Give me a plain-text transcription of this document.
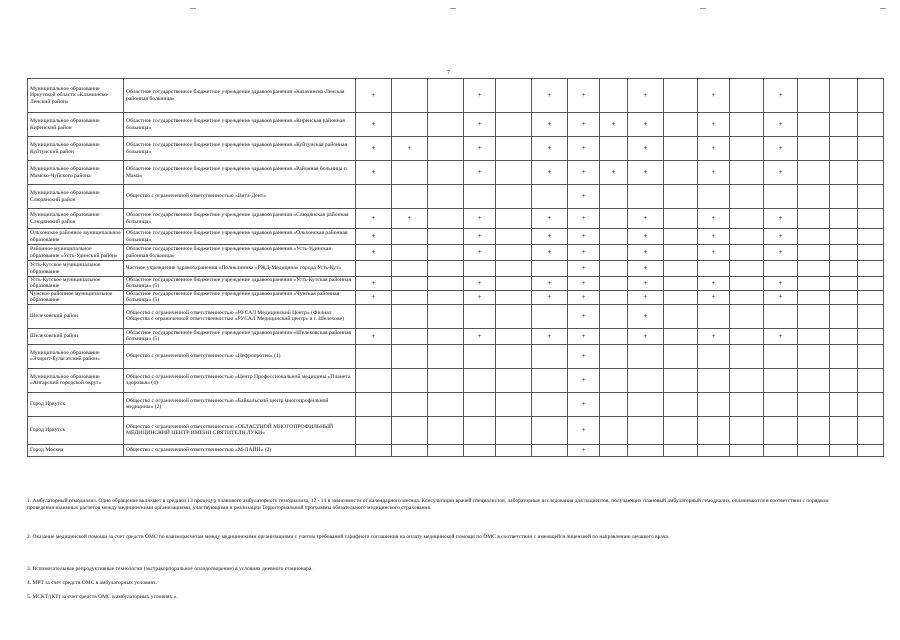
7
Муниципальное образование Иркутской области «Казачинско-Ленский район»	Областное государственное бюджетное учреждение здравоохранения «Казачинско-Ленская районная больница»	+			+		+	+		+		+		+			
Муниципальное образование Киренский район	Областное государственное бюджетное учреждение здравоохранения «Киренская районная больница»	+			+		+	+	+	+		+		+			
Муниципальное образование Куйтунский район	Областное государственное бюджетное учреждение здравоохранения «Куйтунская районная больница»	+	+		+		+	+		+		+		+			
Муниципальное образование Мамско-Чуйского района	Областное государственное бюджетное учреждение здравоохранения «Районная больница п. Мама»	+			+		+	+	+	+		+		+			
Муниципальное образование Слюдянский район	Общество с ограниченной ответственностью «Вита-Дент»							+									
Муниципальное образование Слюдянский район	Областное государственное бюджетное учреждение здравоохранения «Слюдянская районная больница»	+	+		+		+	+		+		+		+			
Ольхонское районное муниципальное образование	Областное государственное бюджетное учреждение здравоохранения «Ольхонская районная больница»	+			+		+	+		+		+		+			
Районное муниципальное образование «Усть-Удинский район»	Областное государственное бюджетное учреждение здравоохранения «Усть-Удинская районная больница»	+			+		+	+		+		+		+			
Усть-Кутское муниципальное образование	Частное учреждение здравоохранения «Поликлиника «РЖД-Медицина» города Усть-Кут»							+		+							
Усть-Кутское муниципальное образование	Областное государственное бюджетное учреждение здравоохранения «Усть-Кутская районная больница» (5)	+			+		+	+		+		+		+			
Чунское районное муниципальное образование	Областное государственное бюджетное учреждение здравоохранения «Чунская районная больница» (5)	+			+		+	+		+		+		+			
Шелеховский район	Общество с ограниченной ответственностью «РУСАЛ Медицинский Центр» (Филиал Общества с ограниченной ответственностью «РУСАЛ Медицинский центр» в г. Шелехове)							+		+							
Шелеховский район	Областное государственное бюджетное учреждение здравоохранения «Шелеховская районная больница» (5)	+			+		+	+		+		+		+			
Муниципальное образование «Эхирит-Булагатский район»	Общество с ограниченной ответственностью «Нефропротек» (1)							+									
Муниципальное образование «Ангарский городской округ»	Общество с ограниченной ответственностью «Центр Профессиональной медицины «Планета здоровья» (4)							+									
Город Иркутск	Общество с ограниченной ответственностью «Байкальский центр многопрофильной медицины» (2)							+									
Город Иркутск	Общество с ограниченной ответственностью «ОБЛАСТНОЙ МНОГОПРОФИЛЬНЫЙ МЕДИЦИНСКИЙ ЦЕНТР ИМЕНИ СВЯТИТЕЛЯ ЛУКИ»							+									
Город Москва	Общество с ограниченной ответственностью «М-ЛАЙН» (2)							+									
1. Амбулаторный гемодиализ. Одно обращение включает в среднем 13 процедур планового амбулаторного гемодиализа, 12 - 14 в зависимости от календарного месяца. Консультации врачей специалистов, лабораторные исследования для пациентов, получающих плановый амбулаторный гемодиализ, оплачиваются в соответствии с порядком проведения взаимных расчетов между медицинскими организациями, участвующими в реализации Территориальной программы обязательного медицинского страхования.
2. Оказание медицинской помощи за счет средств ОМС по взаиморасчетам между медицинскими организациями с учетом требований тарифного соглашения на оплату медицинской помощи по ОМС в соответствии с имеющейся лицензией по направлению лечащего врача.
3. Вспомогательные репродуктивные технологии (экстракорпоральное оплодотворение) в условиях дневного стационара.
4. МРТ за счет средств ОМС в амбулаторных условиях.
5. МСКТ/(КТ) за счет средств ОМС в амбулаторных условиях.».
